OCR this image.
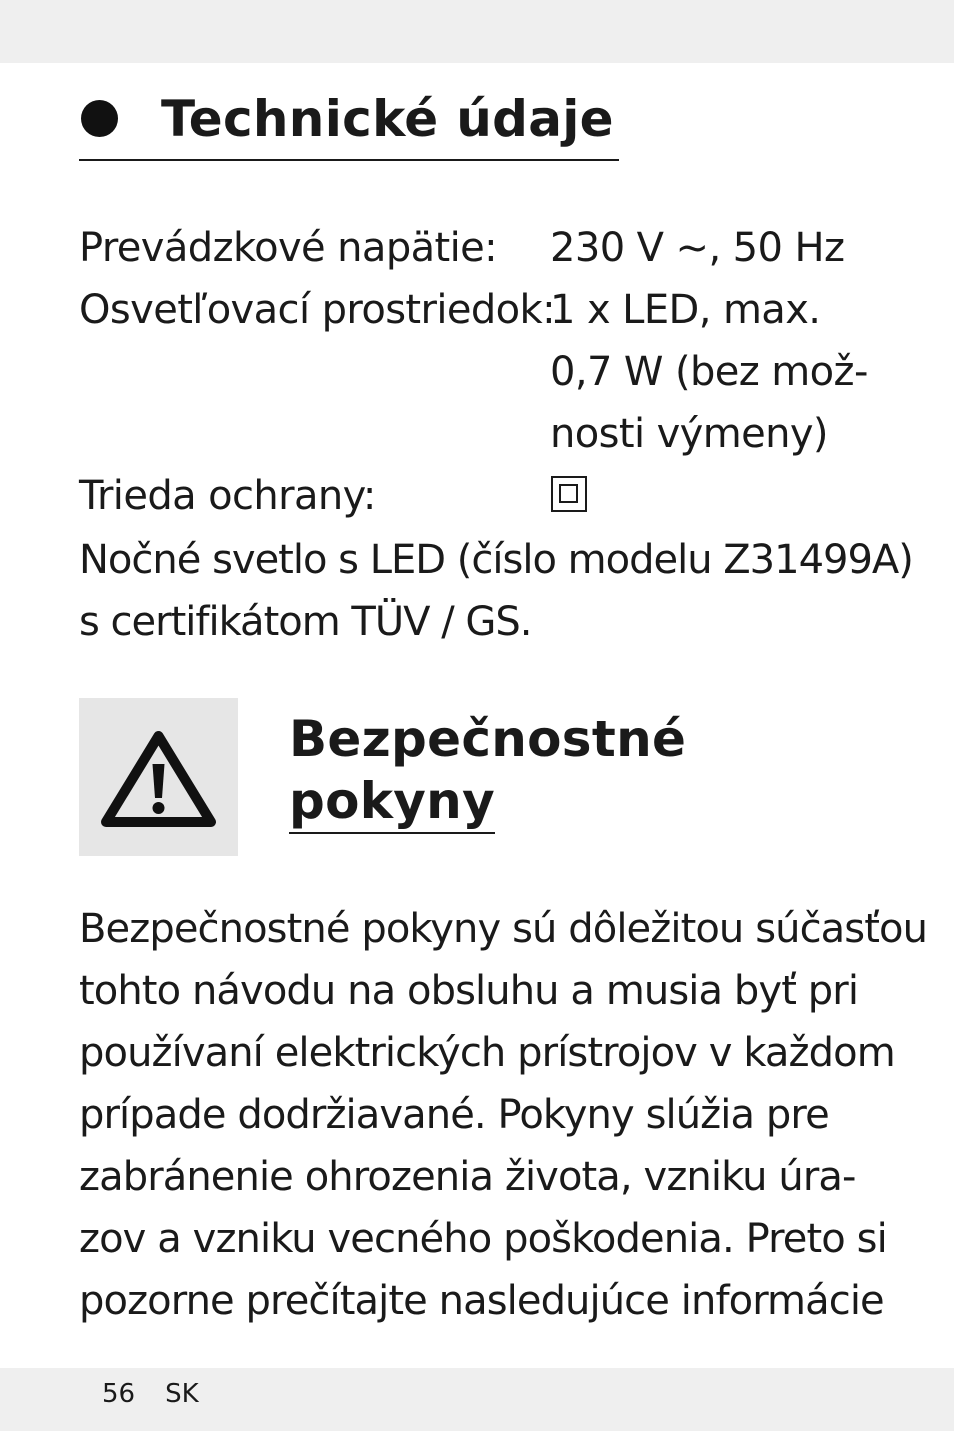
Technické údaje
Prevádzkové napätie: 230 V ~, 50 Hz
Osvetľovací prostriedok:
1 x LED, max.
0,7 W (bez mož-
nosti výmeny)
Trieda ochrany:
Nočné svetlo s LED (číslo modelu Z31499A)
s certifikátom TÜV / GS.
Bezpečnostné
pokyny
Bezpečnostné pokyny sú dôležitou súčasťou
tohto návodu na obsluhu a musia byť pri
používaní elektrických prístrojov v každom
prípade dodržiavané. Pokyny slúžia pre
zabránenie ohrozenia života, vzniku úra-
zov a vzniku vecného poškodenia. Preto si
pozorne prečítajte nasledujúce informácie
56 SK
